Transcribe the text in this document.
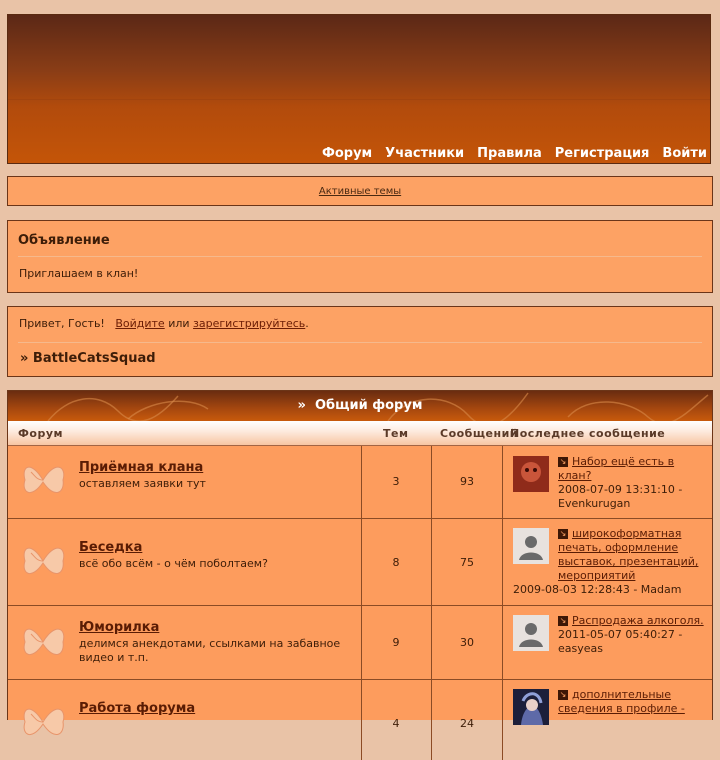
Форум Участники Правила Регистрация Войти
Активные темы
Объявление
Приглашаем в клан!
Привет, Гость! Войдите или зарегистрируйтесь.
» BattleCatsSquad
» Общий форум
Форум	Тем	Сообщений
Последнее сообщение
Приёмная клана
оставляем заявки тут	3	93
↘ Набор ещё есть в клан?
2008-07-09 13:31:10 - Evenkurugan
Беседка
всё обо всём - о чём поболтаем?	8	75
↘ широкоформатная печать, оформление выставок, презентаций, мероприятий
2009-08-03 12:28:43 - Madam
Юморилка
делимся анекдотами, ссылками на забавное видео и т.п.
9	30
↘ Распродажа алкоголя.
2011-05-07 05:40:27 - easyeas
Работа форума
4	24
↘ дополнительные сведения в профиле -
